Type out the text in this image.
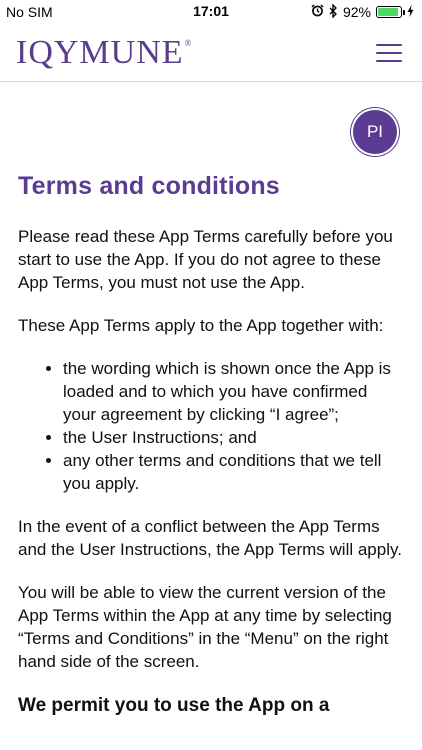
No SIM	17:01	92%
IQYMUNE®
PI
Terms and conditions

Please read these App Terms carefully before you start to use the App. If you do not agree to these App Terms, you must not use the App.

These App Terms apply to the App together with:

• the wording which is shown once the App is loaded and to which you have confirmed your agreement by clicking “I agree”;
• the User Instructions; and
• any other terms and conditions that we tell you apply.

In the event of a conflict between the App Terms and the User Instructions, the App Terms will apply.

You will be able to view the current version of the App Terms within the App at any time by selecting “Terms and Conditions” in the “Menu” on the right hand side of the screen.

We permit you to use the App on a
